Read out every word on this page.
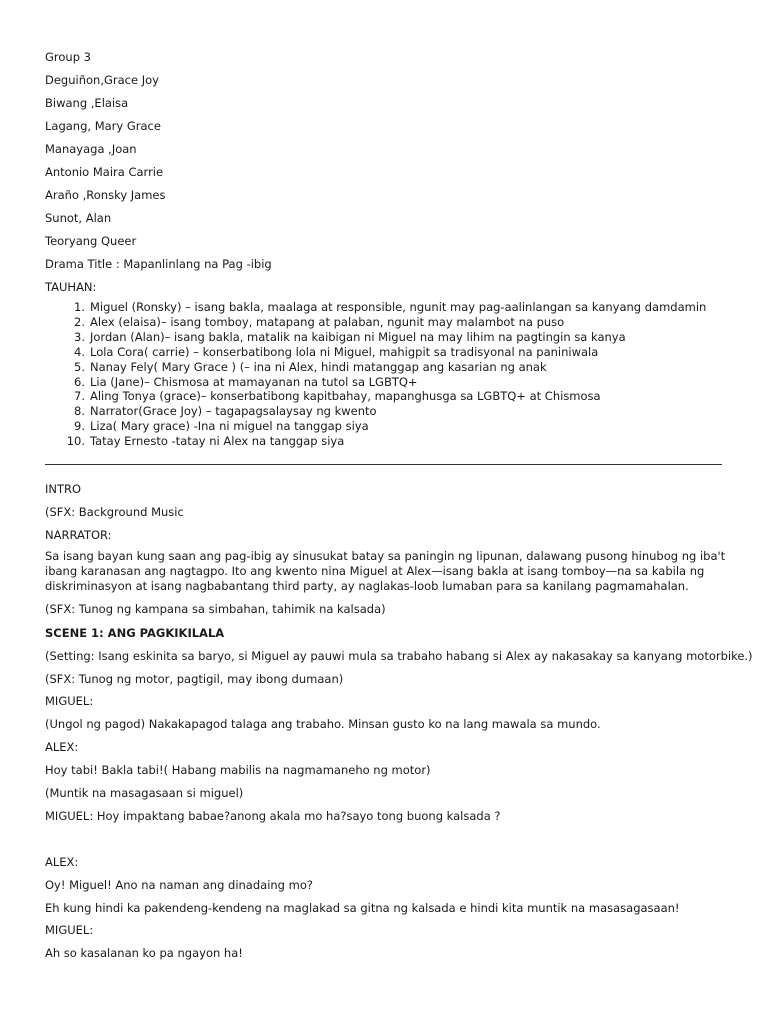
Group 3

Deguiñon,Grace Joy

Biwang ,Elaisa

Lagang, Mary Grace

Manayaga ,Joan

Antonio Maira Carrie

Araño ,Ronsky James

Sunot, Alan

Teoryang Queer

Drama Title : Mapanlinlang na Pag -ibig

TAUHAN:

1. Miguel (Ronsky) – isang bakla, maalaga at responsible, ngunit may pag-aalinlangan sa kanyang damdamin
2. Alex (elaisa)– isang tomboy, matapang at palaban, ngunit may malambot na puso
3. Jordan (Alan)– isang bakla, matalik na kaibigan ni Miguel na may lihim na pagtingin sa kanya
4. Lola Cora( carrie) – konserbatibong lola ni Miguel, mahigpit sa tradisyonal na paniniwala
5. Nanay Fely( Mary Grace ) (– ina ni Alex, hindi matanggap ang kasarian ng anak
6. Lia (Jane)– Chismosa at mamayanan na tutol sa LGBTQ+
7. Aling Tonya (grace)– konserbatibong kapitbahay, mapanghusga sa LGBTQ+ at Chismosa
8. Narrator(Grace Joy) – tagapagsalaysay ng kwento
9. Liza( Mary grace) -Ina ni miguel na tanggap siya
10. Tatay Ernesto -tatay ni Alex na tanggap siya

INTRO

(SFX: Background Music

NARRATOR:

Sa isang bayan kung saan ang pag-ibig ay sinusukat batay sa paningin ng lipunan, dalawang pusong hinubog ng iba't ibang karanasan ang nagtagpo. Ito ang kwento nina Miguel at Alex—isang bakla at isang tomboy—na sa kabila ng diskriminasyon at isang nagbabantang third party, ay naglakas-loob lumaban para sa kanilang pagmamahalan.

(SFX: Tunog ng kampana sa simbahan, tahimik na kalsada)

SCENE 1: ANG PAGKIKILALA

(Setting: Isang eskinita sa baryo, si Miguel ay pauwi mula sa trabaho habang si Alex ay nakasakay sa kanyang motorbike.)

(SFX: Tunog ng motor, pagtigil, may ibong dumaan)

MIGUEL:

(Ungol ng pagod) Nakakapagod talaga ang trabaho. Minsan gusto ko na lang mawala sa mundo.

ALEX:

Hoy tabi! Bakla tabi!( Habang mabilis na nagmamaneho ng motor)

(Muntik na masagasaan si miguel)

MIGUEL: Hoy impaktang babae?anong akala mo ha?sayo tong buong kalsada ?

ALEX:

Oy! Miguel! Ano na naman ang dinadaing mo?

Eh kung hindi ka pakendeng-kendeng na maglakad sa gitna ng kalsada e hindi kita muntik na masasagasaan!

MIGUEL:

Ah so kasalanan ko pa ngayon ha!
